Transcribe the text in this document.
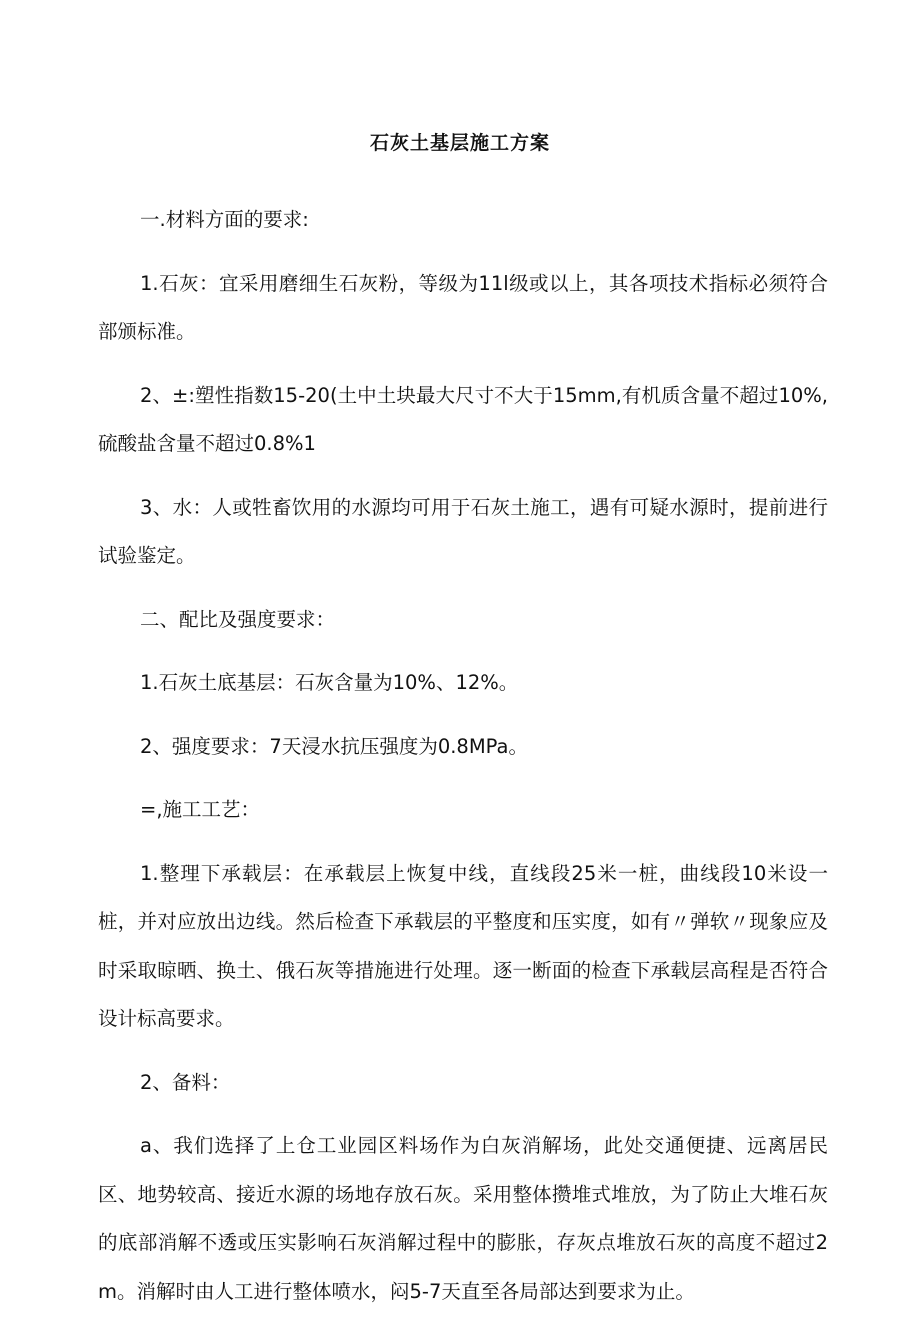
石灰土基层施工方案

一.材料方面的要求:

1.石灰：宜采用磨细生石灰粉，等级为11l级或以上，其各项技术指标必须符合部颁标准。

2、±:塑性指数15-20(土中土块最大尺寸不大于15mm,有机质含量不超过10%,硫酸盐含量不超过0.8%1

3、水：人或牲畜饮用的水源均可用于石灰土施工，遇有可疑水源时，提前进行试验鉴定。

二、配比及强度要求：

1.石灰土底基层：石灰含量为10%、12%。

2、强度要求：7天浸水抗压强度为0.8MPa。

=,施工工艺：

1.整理下承载层：在承载层上恢复中线，直线段25米一桩，曲线段10米设一桩，并对应放出边线。然后检查下承载层的平整度和压实度，如有〃弹软〃现象应及时采取晾晒、换土、俄石灰等措施进行处理。逐一断面的检查下承载层高程是否符合设计标高要求。

2、备料：

a、我们选择了上仓工业园区料场作为白灰消解场，此处交通便捷、远离居民区、地势较高、接近水源的场地存放石灰。采用整体攒堆式堆放，为了防止大堆石灰的底部消解不透或压实影响石灰消解过程中的膨胀，存灰点堆放石灰的高度不超过2m。消解时由人工进行整体喷水，闷5-7天直至各局部达到要求为止。
